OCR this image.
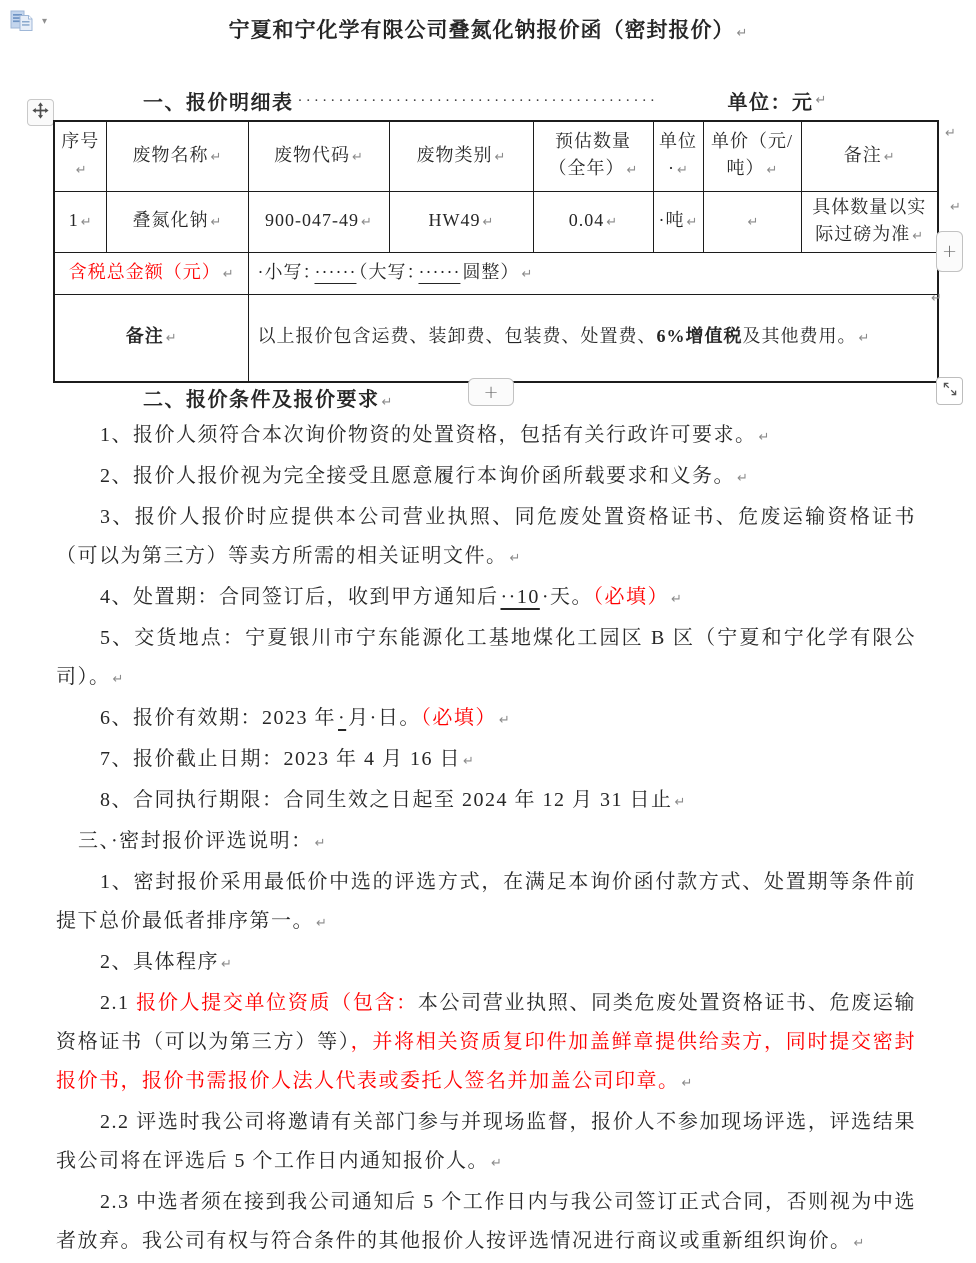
▾	宁夏和宁化学有限公司叠氮化钠报价函（密封报价） ↵
一、报价明细表 ············································	单位：元 ↵
序号↵	废物名称 ↵	废物代码 ↵	废物类别 ↵	预估数量（全年） ↵	单位· ↵	单价（元/吨） ↵	备注 ↵
1 ↵	叠氮化钠 ↵	900-047-49 ↵	HW49 ↵	0.04 ↵	·吨 ↵	↵	具体数量以实际过磅为准 ↵
含税总金额（元） ↵		·小写： ······ （大写： ······ 圆整） ↵					
备注 ↵		以上报价包含运费、装卸费、包装费、处置费、6%增值税及其他费用。 ↵					
↵
↵
↵
+
+
二、报价条件及报价要求 ↵

1、报价人须符合本次询价物资的处置资格，包括有关行政许可要求。 ↵

2、报价人报价视为完全接受且愿意履行本询价函所载要求和义务。 ↵

3、报价人报价时应提供本公司营业执照、同危废处置资格证书、危废运输资格证书（可以为第三方）等卖方所需的相关证明文件。 ↵

4、处置期：合同签订后，收到甲方通知后 ··10 ·天。（必填） ↵

5、交货地点：宁夏银川市宁东能源化工基地煤化工园区 B 区（宁夏和宁化学有限公司）。 ↵

6、报价有效期：2023 年 · 月·日。（必填） ↵

7、报价截止日期：2023 年 4 月 16 日 ↵

8、合同执行期限：合同生效之日起至 2024 年 12 月 31 日止 ↵

三、·密封报价评选说明： ↵

1、密封报价采用最低价中选的评选方式，在满足本询价函付款方式、处置期等条件前提下总价最低者排序第一。 ↵

2、具体程序 ↵

2.1 报价人提交单位资质（包含：本公司营业执照、同类危废处置资格证书、危废运输资格证书（可以为第三方）等），并将相关资质复印件加盖鲜章提供给卖方，同时提交密封报价书，报价书需报价人法人代表或委托人签名并加盖公司印章。 ↵

2.2 评选时我公司将邀请有关部门参与并现场监督，报价人不参加现场评选，评选结果我公司将在评选后 5 个工作日内通知报价人。 ↵

2.3 中选者须在接到我公司通知后 5 个工作日内与我公司签订正式合同，否则视为中选者放弃。我公司有权与符合条件的其他报价人按评选情况进行商议或重新组织询价。 ↵
